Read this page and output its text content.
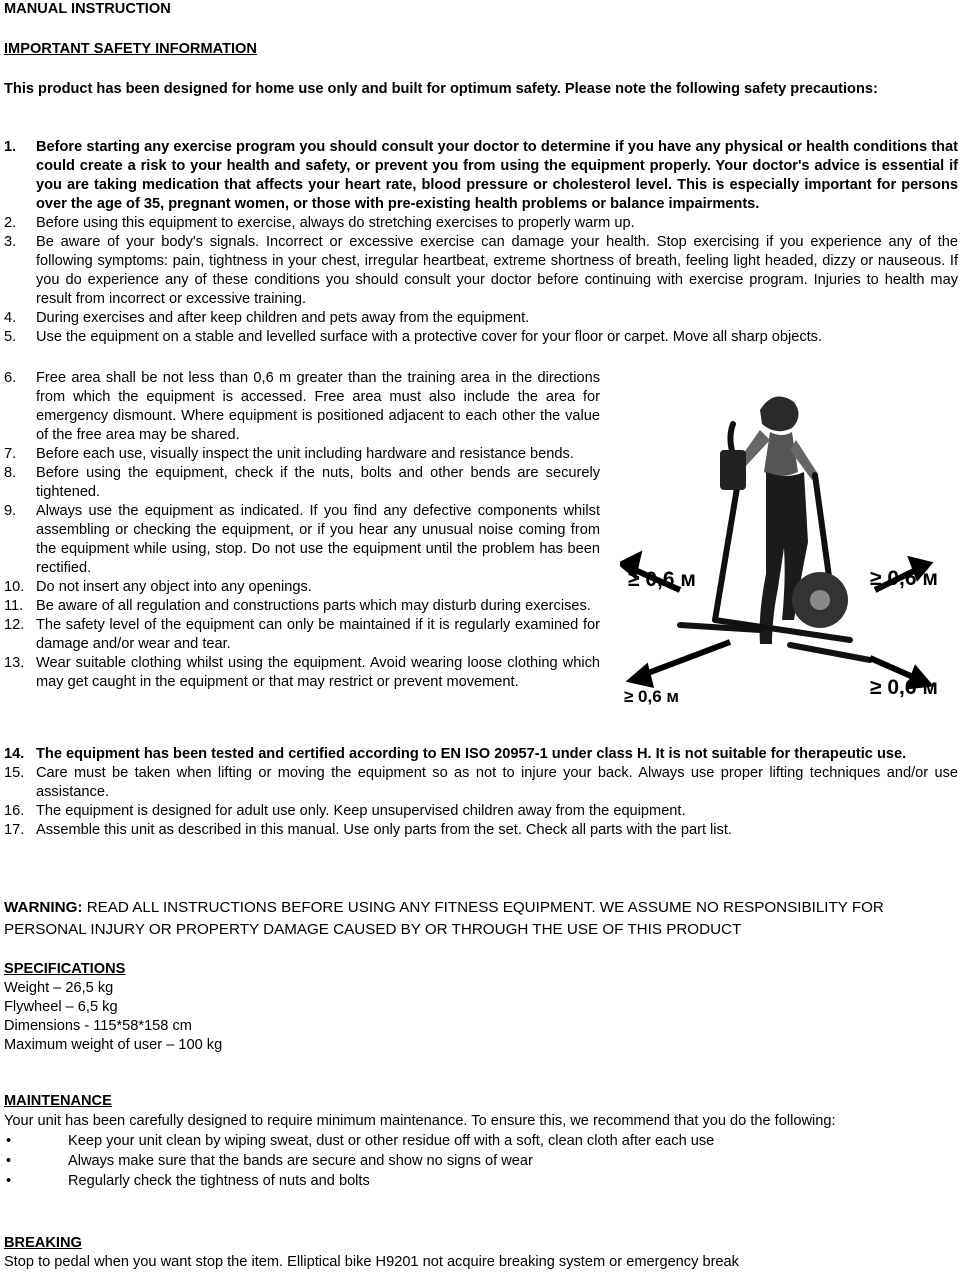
MANUAL INSTRUCTION
IMPORTANT SAFETY INFORMATION
This product has been designed for home use only and built for optimum safety. Please note the following safety precautions:
1.	Before starting any exercise program you should consult your doctor to determine if you have any physical or health conditions that could create a risk to your health and safety, or prevent you from using the equipment properly. Your doctor's advice is essential if you are taking medication that affects your heart rate, blood pressure or cholesterol level. This is especially important for persons over the age of 35, pregnant women, or those with pre-existing health problems or balance impairments.
2.	Before using this equipment to exercise, always do stretching exercises to properly warm up.
3.	Be aware of your body's signals. Incorrect or excessive exercise can damage your health. Stop exercising if you experience any of the following symptoms: pain, tightness in your chest, irregular heartbeat, extreme shortness of breath, feeling light headed, dizzy or nauseous. If you do experience any of these conditions you should consult your doctor before continuing with exercise program. Injuries to health may result from incorrect or excessive training.
4.	During exercises and after keep children and pets away from the equipment.
5.	Use the equipment on a stable and levelled surface with a protective cover for your floor or carpet. Move all sharp objects.
6.	Free area shall be not less than 0,6 m greater than the training area in the directions from which the equipment is accessed. Free area must also include the area for emergency dismount. Where equipment is positioned adjacent to each other the value of the free area may be shared.
7.	Before each use, visually inspect the unit including hardware and resistance bends.
8.	Before using the equipment, check if the nuts, bolts and other bends are securely tightened.
9.	Always use the equipment as indicated. If you find any defective components whilst assembling or checking the equipment, or if you hear any unusual noise coming from the equipment while using, stop. Do not use the equipment until the problem has been rectified.
10. Do not insert any object into any openings.
11. Be aware of all regulation and constructions parts which may disturb during exercises.
12. The safety level of the equipment can only be maintained if it is regularly examined for damage and/or wear and tear.
13. Wear suitable clothing whilst using the equipment. Avoid wearing loose clothing which may get caught in the equipment or that may restrict or prevent movement.
14. The equipment has been tested and certified according to EN ISO 20957-1 under class H. It is not suitable for therapeutic use.
15. Care must be taken when lifting or moving the equipment so as not to injure your back. Always use proper lifting techniques and/or use assistance.
16. The equipment is designed for adult use only. Keep unsupervised children away from the equipment.
17. Assemble this unit as described in this manual. Use only parts from the set. Check all parts with the part list.
≥ 0,6 м	≥ 0,6 м
≥ 0,6 м	≥ 0,6 м
WARNING: READ ALL INSTRUCTIONS BEFORE USING ANY FITNESS EQUIPMENT. WE ASSUME NO RESPONSIBILITY FOR PERSONAL INJURY OR PROPERTY DAMAGE CAUSED BY OR THROUGH THE USE OF THIS PRODUCT
SPECIFICATIONS
Weight – 26,5 kg
Flywheel – 6,5 kg
Dimensions - 115*58*158 cm
Maximum weight of user – 100 kg
MAINTENANCE
Your unit has been carefully designed to require minimum maintenance. To ensure this, we recommend that you do the following:
•	Keep your unit clean by wiping sweat, dust or other residue off with a soft, clean cloth after each use
•	Always make sure that the bands are secure and show no signs of wear
•	Regularly check the tightness of nuts and bolts
BREAKING
Stop to pedal when you want stop the item. Elliptical bike H9201 not acquire breaking system or emergency break
